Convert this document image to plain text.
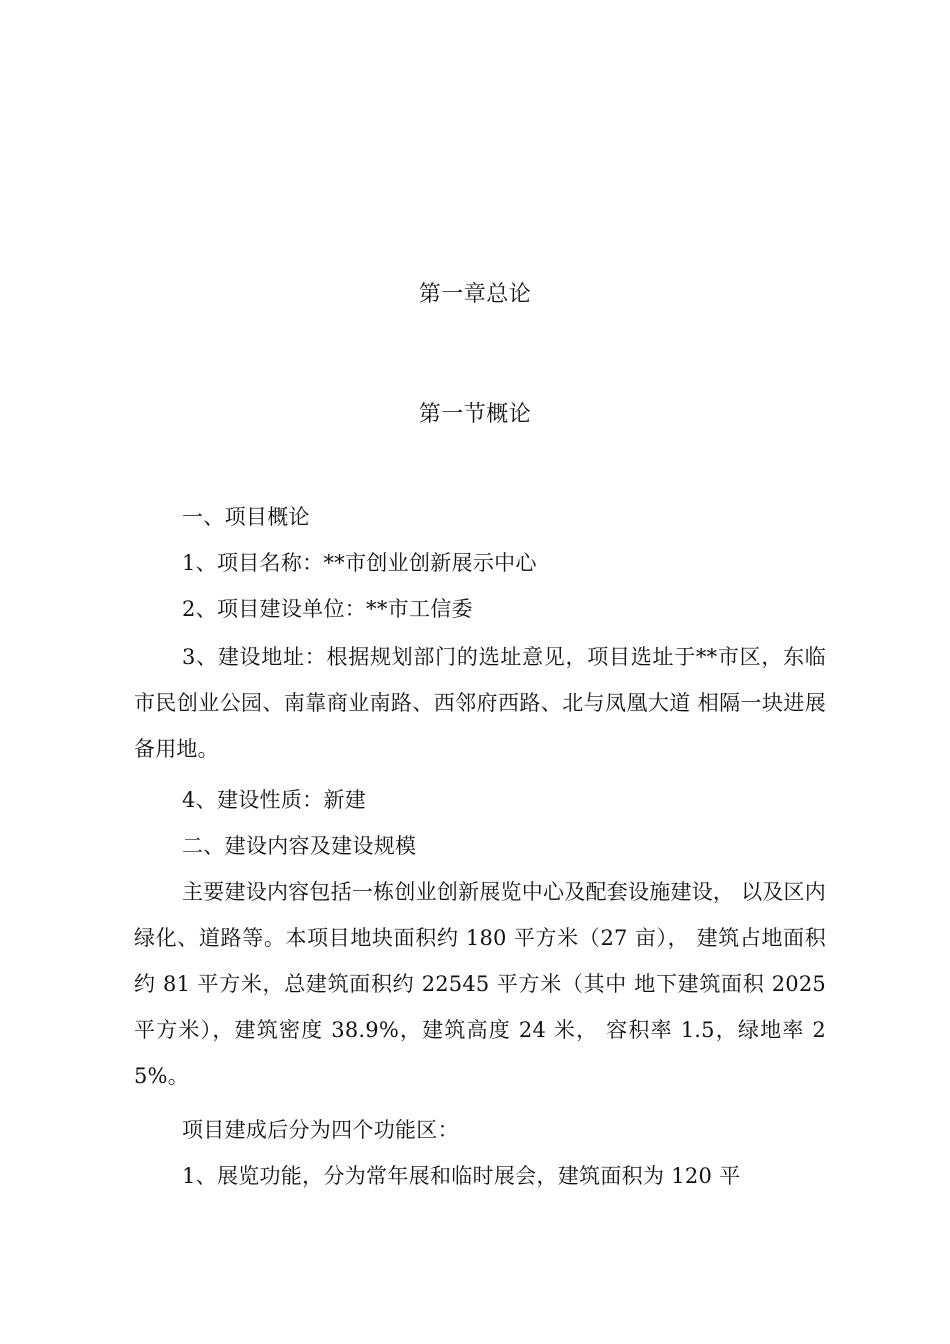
第一章总论
第一节概论
一、项目概论
1、项目名称：**市创业创新展示中心
2、项目建设单位：**市工信委
3、建设地址：根据规划部门的选址意见，项目选址于**市区，东临市民创业公园、南靠商业南路、西邻府西路、北与凤凰大道 相隔一块进展备用地。
4、建设性质：新建
二、建设内容及建设规模
主要建设内容包括一栋创业创新展览中心及配套设施建设， 以及区内绿化、道路等。本项目地块面积约 180 平方米（27 亩）， 建筑占地面积约 81 平方米，总建筑面积约 22545 平方米（其中 地下建筑面积 2025 平方米），建筑密度 38.9%，建筑高度 24 米， 容积率 1.5，绿地率 25%。
项目建成后分为四个功能区：
1、展览功能，分为常年展和临时展会，建筑面积为 120 平
